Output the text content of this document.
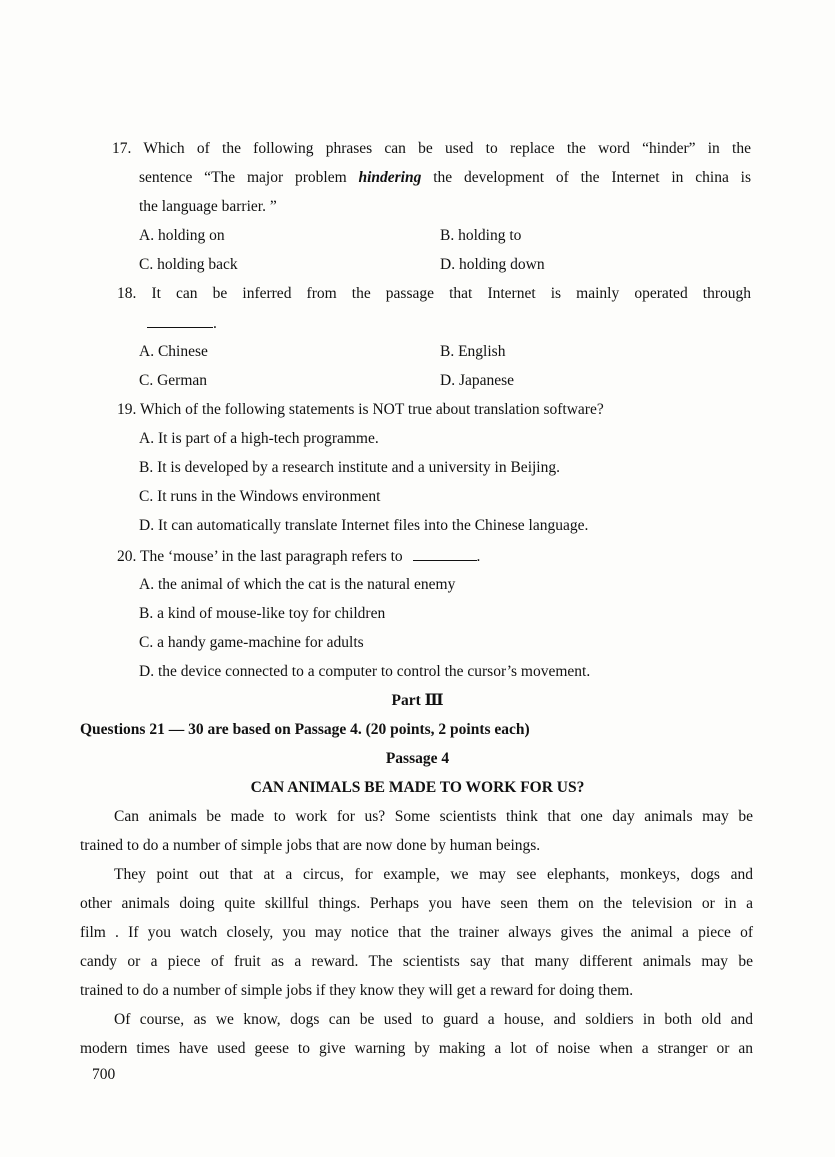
17. Which of the following phrases can be used to replace the word “hinder” in the
sentence “The major problem hindering the development of the Internet in china is
the language barrier. ”
A. holding on	B. holding to
C. holding back	D. holding down
18. It can be inferred from the passage that Internet is mainly operated through
.
A. Chinese	B. English
C. German	D. Japanese
19. Which of the following statements is NOT true about translation software?
A. It is part of a high-tech programme.
B. It is developed by a research institute and a university in Beijing.
C. It runs in the Windows environment
D. It can automatically translate Internet files into the Chinese language.
20. The ‘mouse’ in the last paragraph refers to	.
A. the animal of which the cat is the natural enemy
B. a kind of mouse-like toy for children
C. a handy game-machine for adults
D. the device connected to a computer to control the cursor’s movement.
Part Ⅲ
Questions 21 — 30 are based on Passage 4. (20 points, 2 points each)
Passage 4
CAN ANIMALS BE MADE TO WORK FOR US?
Can animals be made to work for us? Some scientists think that one day animals may be
trained to do a number of simple jobs that are now done by human beings.
They point out that at a circus, for example, we may see elephants, monkeys, dogs and
other animals doing quite skillful things. Perhaps you have seen them on the television or in a
film . If you watch closely, you may notice that the trainer always gives the animal a piece of
candy or a piece of fruit as a reward. The scientists say that many different animals may be
trained to do a number of simple jobs if they know they will get a reward for doing them.
Of course, as we know, dogs can be used to guard a house, and soldiers in both old and
modern times have used geese to give warning by making a lot of noise when a stranger or an
700
